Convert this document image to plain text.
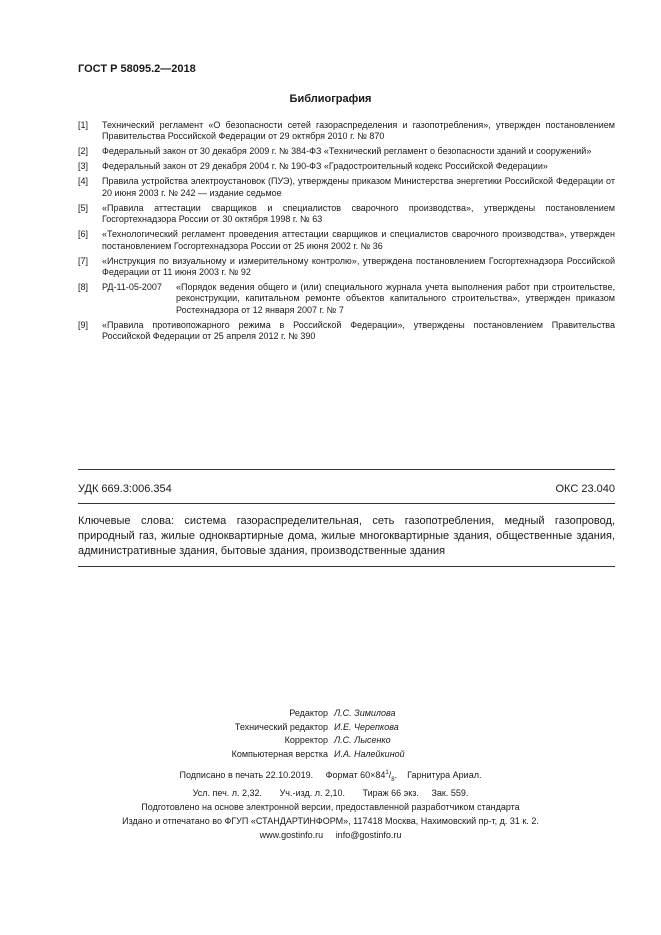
ГОСТ Р 58095.2—2018
Библиография
[1]	Технический регламент «О безопасности сетей газораспределения и газопотребления», утвержден постановлением Правительства Российской Федерации от 29 октября 2010 г. № 870
[2]	Федеральный закон от 30 декабря 2009 г. № 384-ФЗ «Технический регламент о безопасности зданий и сооружений»
[3]	Федеральный закон от 29 декабря 2004 г. № 190-ФЗ «Градостроительный кодекс Российской Федерации»
[4]	Правила устройства электроустановок (ПУЭ), утверждены приказом Министерства энергетики Российской Федерации от 20 июня 2003 г. № 242 — издание седьмое
[5]	«Правила аттестации сварщиков и специалистов сварочного производства», утверждены постановлением Госгортехнадзора России от 30 октября 1998 г. № 63
[6]	«Технологический регламент проведения аттестации сварщиков и специалистов сварочного производства», утвержден постановлением Госгортехнадзора России от 25 июня 2002 г. № 36
[7]	«Инструкция по визуальному и измерительному контролю», утверждена постановлением Госгортехнадзора Российской Федерации от 11 июня 2003 г. № 92
[8]	РД-11-05-2007	«Порядок ведения общего и (или) специального журнала учета выполнения работ при строительстве, реконструкции, капитальном ремонте объектов капитального строительства», утвержден приказом Ростехнадзора от 12 января 2007 г. № 7
[9]	«Правила противопожарного режима в Российской Федерации», утверждены постановлением Правительства Российской Федерации от 25 апреля 2012 г. № 390
УДК 669.3:006.354	ОКС 23.040
Ключевые слова: система газораспределительная, сеть газопотребления, медный газопровод, природный газ, жилые одноквартирные дома, жилые многоквартирные здания, общественные здания, административные здания, бытовые здания, производственные здания
Редактор Л.С. Зимилова
Технический редактор И.Е. Черепкова
Корректор Л.С. Лысенко
Компьютерная верстка И.А. Налейкиной
Подписано в печать 22.10.2019. Формат $60\times 84^1/_8$. Гарнитура Ариал.
Усл. печ. л. 2,32. Уч.-изд. л. 2,10. Тираж 66 экз. Зак. 559.
Подготовлено на основе электронной версии, предоставленной разработчиком стандарта
Издано и отпечатано во ФГУП «СТАНДАРТИНФОРМ», 117418 Москва, Нахимовский пр-т, д. 31 к. 2.
www.gostinfo.ru info@gostinfo.ru
